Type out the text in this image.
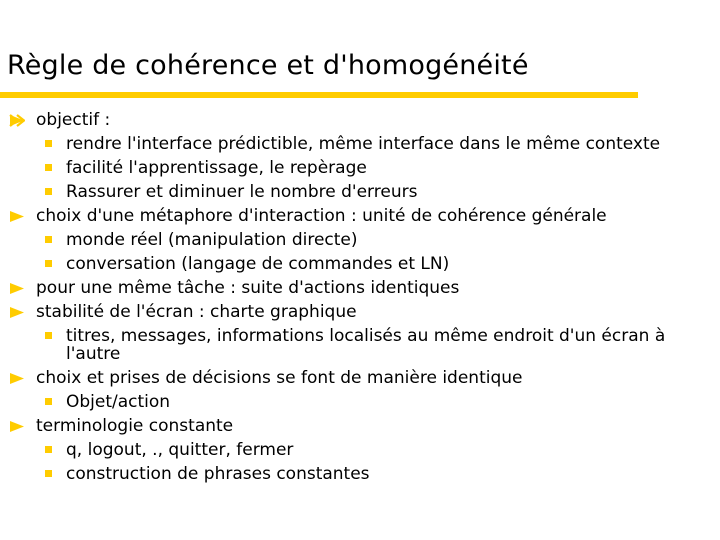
Règle de cohérence et d'homogénéité
objectif :
rendre l'interface prédictible, même interface dans le même contexte
facilité l'apprentissage, le repèrage
Rassurer et diminuer le nombre d'erreurs
choix d'une métaphore d'interaction : unité de cohérence générale
monde réel (manipulation directe)
conversation (langage de commandes et LN)
pour une même tâche : suite d'actions identiques
stabilité de l'écran : charte graphique
titres, messages, informations localisés au même endroit d'un écran à l'autre
choix et prises de décisions se font de manière identique
Objet/action
terminologie constante
q, logout, ., quitter, fermer
construction de phrases constantes
